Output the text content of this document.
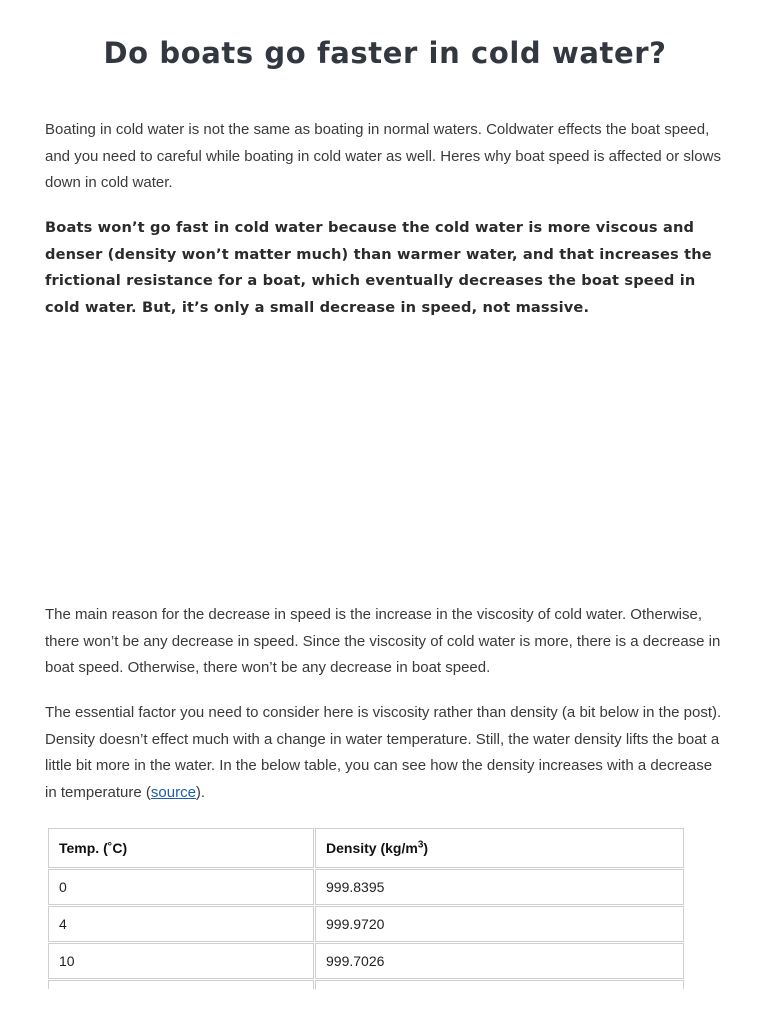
Do boats go faster in cold water?

Boating in cold water is not the same as boating in normal waters. Coldwater effects the boat speed, and you need to careful while boating in cold water as well. Heres why boat speed is affected or slows down in cold water.

Boats won’t go fast in cold water because the cold water is more viscous and denser (density won’t matter much) than warmer water, and that increases the frictional resistance for a boat, which eventually decreases the boat speed in cold water. But, it’s only a small decrease in speed, not massive.

The main reason for the decrease in speed is the increase in the viscosity of cold water. Otherwise, there won’t be any decrease in speed. Since the viscosity of cold water is more, there is a decrease in boat speed. Otherwise, there won’t be any decrease in boat speed.

The essential factor you need to consider here is viscosity rather than density (a bit below in the post). Density doesn’t effect much with a change in water temperature. Still, the water density lifts the boat a little bit more in the water. In the below table, you can see how the density increases with a decrease in temperature (source).

Temp. (˚C)	Density $(kg/m^3)$
0	999.8395
4	999.9720
10	999.7026
